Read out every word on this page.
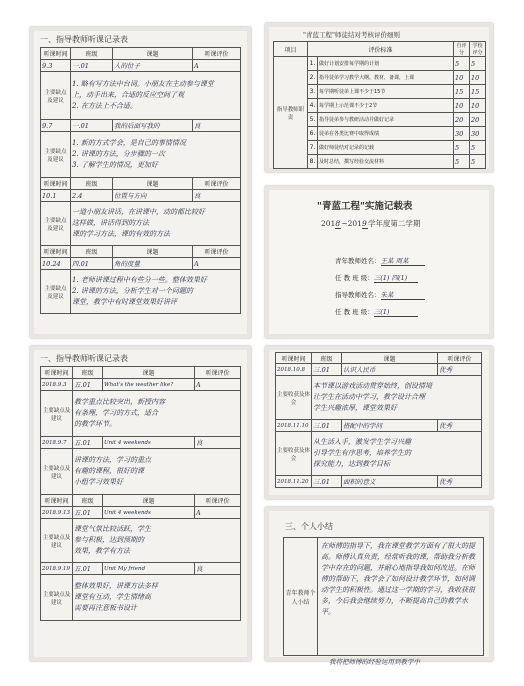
一、指导教师听课记录表
听课时间	班级	课题	听课评价
9.3	一.01	人的位子	A
主要缺点及建议	1. 略有写方法中台词。小朋友在主动参与课堂
上，动手出来，合适的反应空间了观
2. 在方法上不合适。		

9.7	一.01	我的后面写我的	良
主要缺点及建议	1. 新的方式学会，是自己的事情情况
2. 讲课的方法，分步骤的一次
3. 了解学生的情况，更加好		

听课时间	班级	课题	听课评价
10.1	2.4	位置与方向	良
主要缺点及建议	一道小朋友讲话，在讲课中，动的都比较好
这样做，讲话得到的方法
课的学习方法，课的有效的方法		

听课时间	班级	课题	听课评价
10.24	四.01	角的度量	A
主要缺点及建议	1. 老师讲课过程中有些分一些。整体效果好
2. 讲课的方法，分析学生对一个问题的
课堂，教学中有时课堂效果好讲评		
"青蓝工程"师徒结对考核评价细则
项目	评价标准		自评分	学校评分
指导教师职责	1.	做好计划安排每学期的计划	5	5
	2.	指导徒弟学习教学大纲、教材，备课，上课	10	10
	3.	每学期听徒弟上课不少于15节	15	15
	4.	每学期上示范课不少于2节	10	10
	5.	指导徒弟参与教研活动并做好记录	20	20
	6.	徒弟在各类比赛中取得成绩	30	30
	7.	做好师徒结对记录的记载	5	5
	8.	及时总结，撰写经验交流材料	5	5
"青蓝工程"实施记载表
2018~2019学年度第二学期
青年教师姓名：王某 周某
任 教 班 级：三(1) 四(1)
指导教师姓名：朱某
任 教 班 级：三(1)
一、指导教师听课记录表
听课时间	班级	课题	听课评价
2018.9.3	五.01	What's the weather like?	A
主要缺点及建议	教学重点比较突出，新授内容
有条理，学习的方式，适合
的教学环节。		

2018.9.7	五.01	Unit 4 weekends	良
主要缺点及建议	讲课的方法，学习的重点
有趣的课程，很好的课
小组学习效果好		

听课时间	班级	课题	听课评价
2018.9.13	五.01	Unit 4 weekends	A
主要缺点及建议	课堂气氛比较活跃，学生
参与积极，达到预期的
效果，教学有方法		

2018.9.19	五.01	Unit My friend	良
主要缺点及建议	整体效果好，讲课方法多样
课堂有互动，学生情绪高
需要再注意板书设计		
听课时间	班级	课题	听课评价
2018.10.8	三.01	认识人民币	优秀
主要收获及体会	本节课以游戏活动贯穿始终，创设情境
让学生在活动中学习，教学设计合理
学生兴趣浓厚，课堂效果好		

2018.11.10	三.01	搭配中的学问	优秀
主要收获及体会	从生活入手，激发学生学习兴趣
引导学生有序思考，培养学生的
探究能力，达到教学目标		

2018.11.20	三.01	面积的意义	优秀
三、个人小结
青年教师个人小结	在师傅的指导下，我在课堂教学方面有了很大的提高。师傅认真负责，经常听我的课，帮助我分析教学中存在的问题，并耐心地指导我如何改进。在师傅的帮助下，我学会了如何设计教学环节，如何调动学生的积极性。通过这一学期的学习，我收获很多，今后我会继续努力，不断提高自己的教学水平。
我将把师傅的经验运用到教学中
